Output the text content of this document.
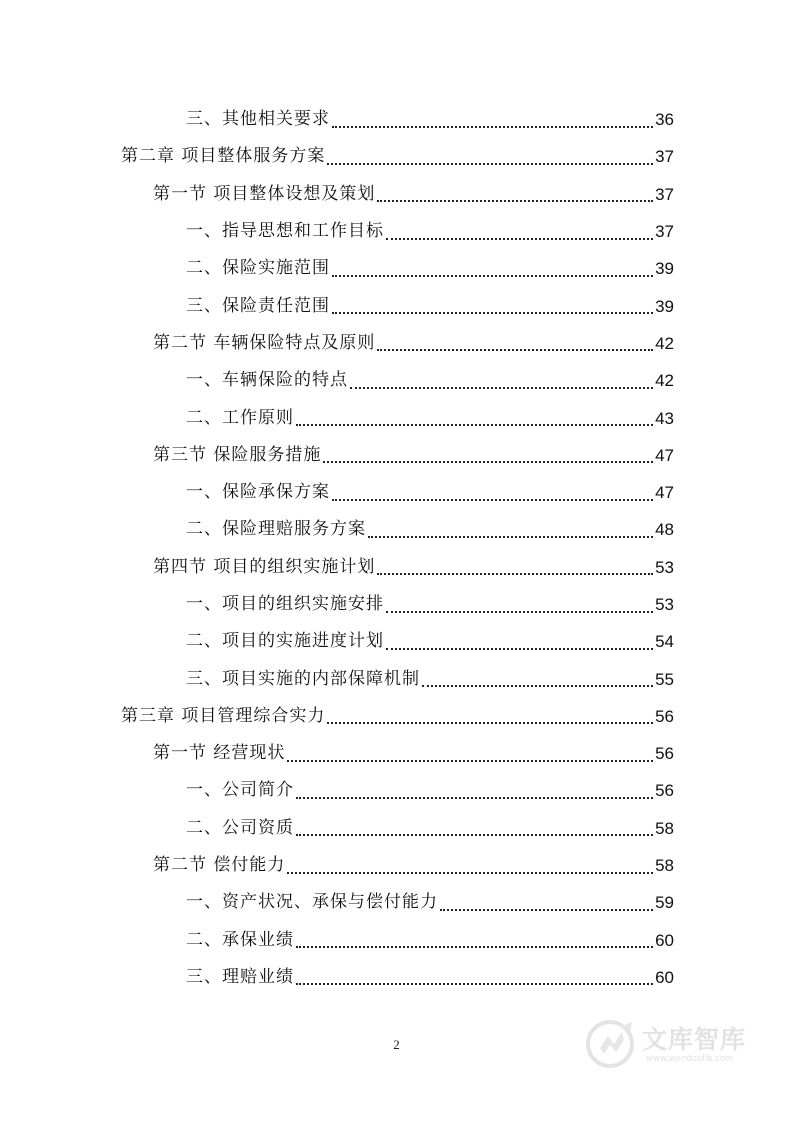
三、其他相关要求	36
第二章 项目整体服务方案	37
第一节 项目整体设想及策划	37
一、指导思想和工作目标	37
二、保险实施范围	39
三、保险责任范围	39
第二节 车辆保险特点及原则	42
一、车辆保险的特点	42
二、工作原则	43
第三节 保险服务措施	47
一、保险承保方案	47
二、保险理赔服务方案	48
第四节 项目的组织实施计划	53
一、项目的组织实施安排	53
二、项目的实施进度计划	54
三、项目实施的内部保障机制	55
第三章 项目管理综合实力	56
第一节 经营现状	56
一、公司简介	56
二、公司资质	58
第二节 偿付能力	58
一、资产状况、承保与偿付能力	59
二、承保业绩	60
三、理赔业绩	60
2	文库智库
www.wendoulib.com
